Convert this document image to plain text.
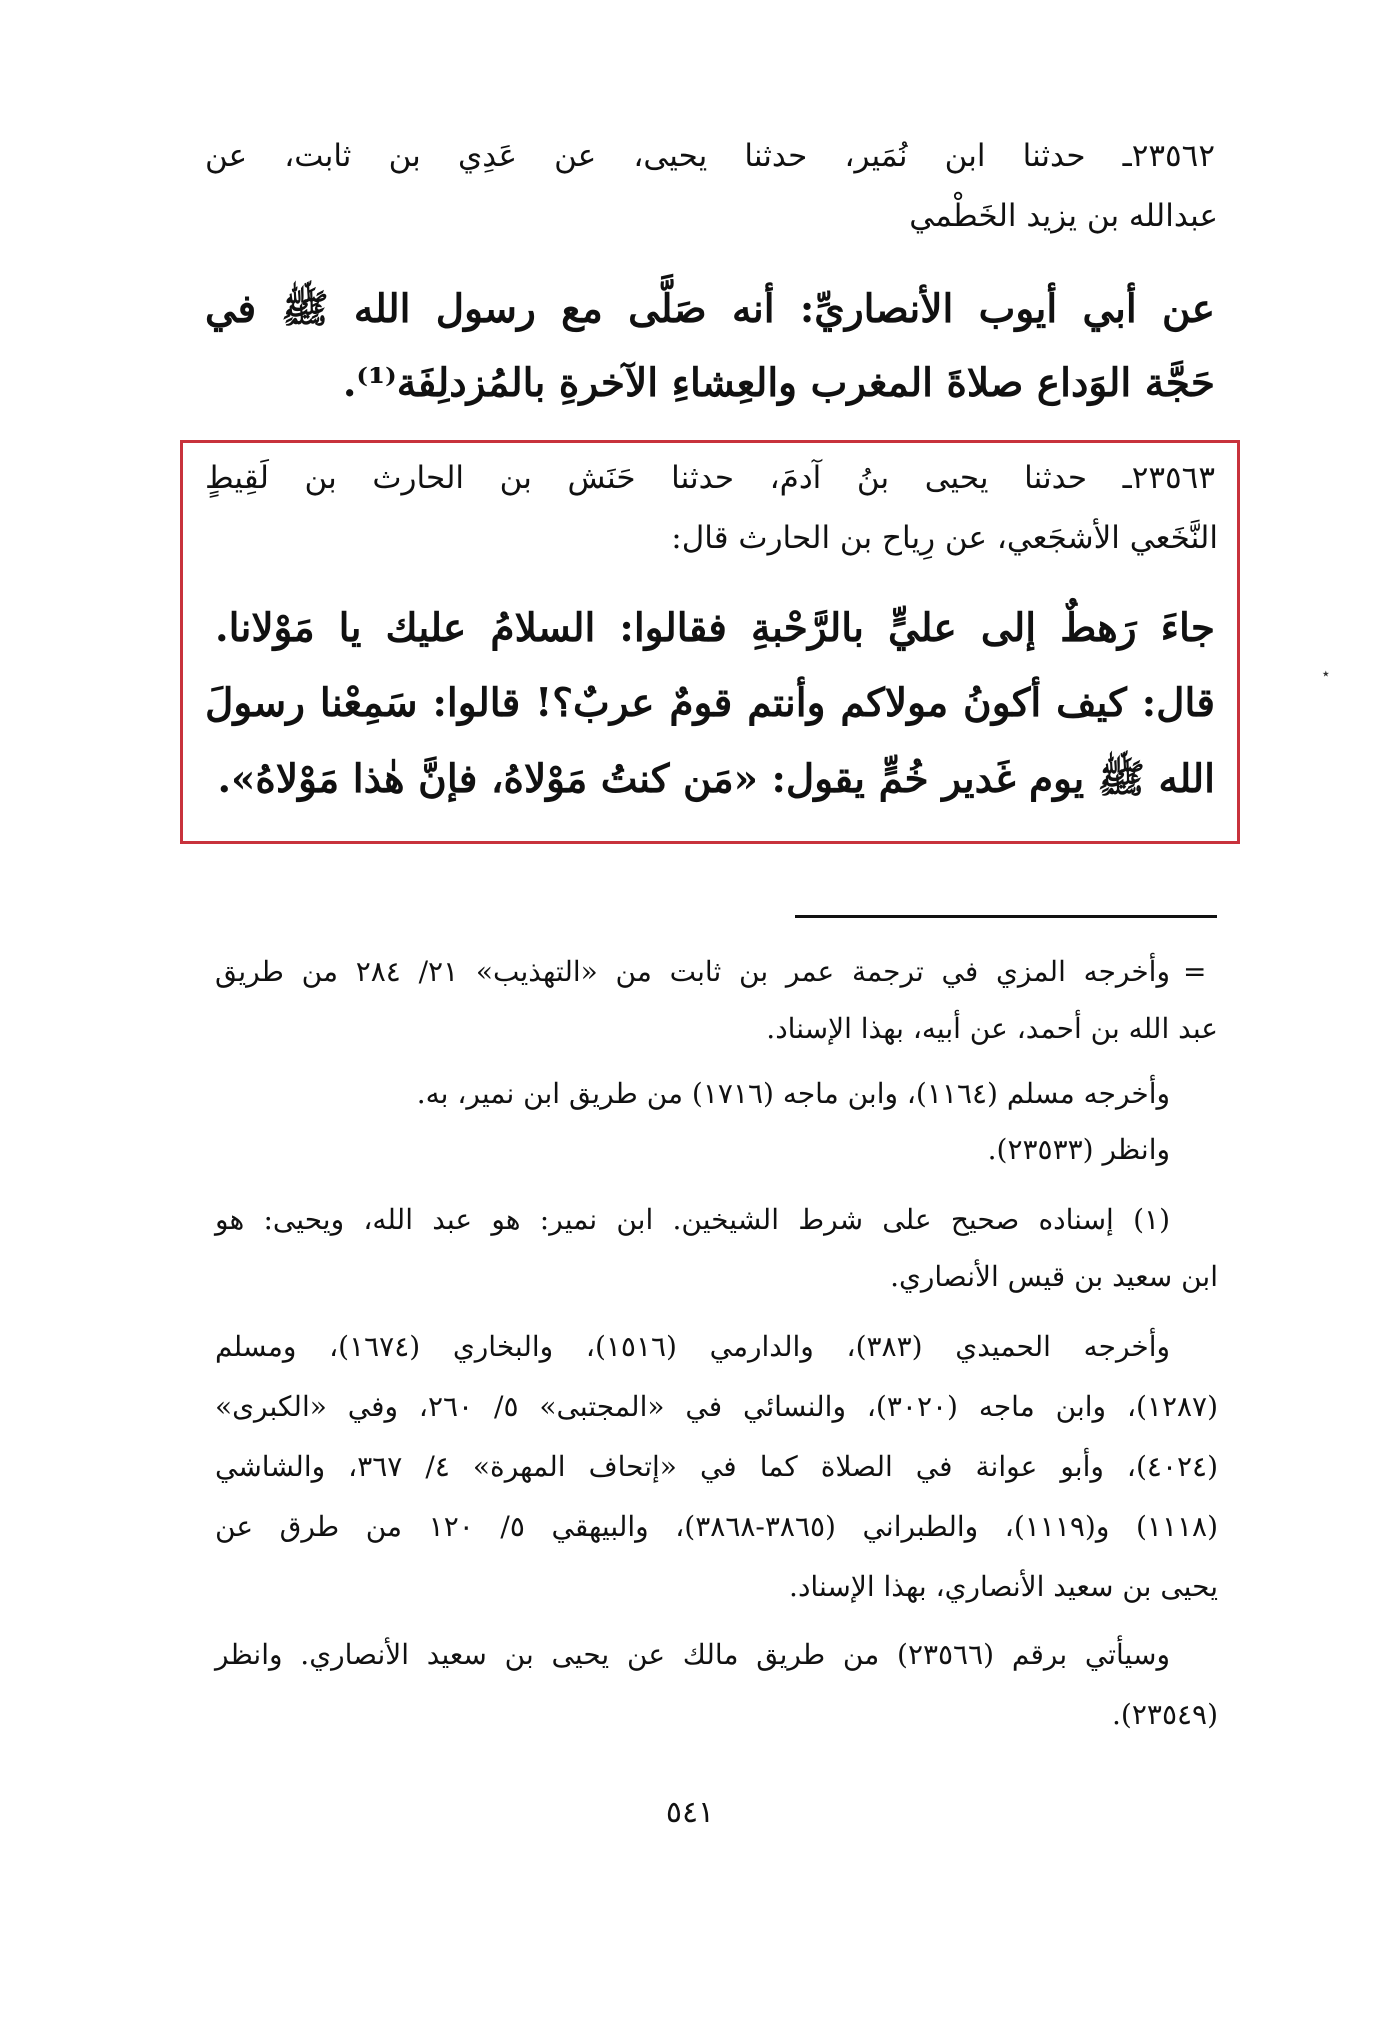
٢٣٥٦٢ـ حدثنا ابن نُمَير، حدثنا يحيى، عن عَدِي بن ثابت، عن
عبدالله بن يزيد الخَطْمي
عن أبي أيوب الأنصاريِّ: أنه صَلَّى مع رسول الله ﷺ في
حَجَّة الوَداع صلاةَ المغرب والعِشاءِ الآخرةِ بالمُزدلِفَة⁽¹⁾.
٢٣٥٦٣ـ حدثنا يحيى بنُ آدمَ، حدثنا حَنَش بن الحارث بن لَقِيطٍ
النَّخَعي الأشجَعي، عن رِياح بن الحارث قال:
جاءَ رَهطٌ إلى عليٍّ بالرَّحْبةِ فقالوا: السلامُ عليك يا مَوْلانا.
قال: كيف أكونُ مولاكم وأنتم قومٌ عربٌ؟! قالوا: سَمِعْنا رسولَ
الله ﷺ يوم غَدير خُمٍّ يقول: «مَن كنتُ مَوْلاهُ، فإنَّ هٰذا مَوْلاهُ».
٭
=
وأخرجه المزي في ترجمة عمر بن ثابت من «التهذيب» ٢١/ ٢٨٤ من طريق
عبد الله بن أحمد، عن أبيه، بهذا الإسناد.
وأخرجه مسلم (١١٦٤)، وابن ماجه (١٧١٦) من طريق ابن نمير، به.
وانظر (٢٣٥٣٣).
(١) إسناده صحيح على شرط الشيخين. ابن نمير: هو عبد الله، ويحيى: هو
ابن سعيد بن قيس الأنصاري.
وأخرجه الحميدي (٣٨٣)، والدارمي (١٥١٦)، والبخاري (١٦٧٤)، ومسلم
(١٢٨٧)، وابن ماجه (٣٠٢٠)، والنسائي في «المجتبى» ٥/ ٢٦٠، وفي «الكبرى»
(٤٠٢٤)، وأبو عوانة في الصلاة كما في «إتحاف المهرة» ٤/ ٣٦٧، والشاشي
(١١١٨) و(١١١٩)، والطبراني (٣٨٦٥-٣٨٦٨)، والبيهقي ٥/ ١٢٠ من طرق عن
يحيى بن سعيد الأنصاري، بهذا الإسناد.
وسيأتي برقم (٢٣٥٦٦) من طريق مالك عن يحيى بن سعيد الأنصاري. وانظر
(٢٣٥٤٩).
٥٤١
